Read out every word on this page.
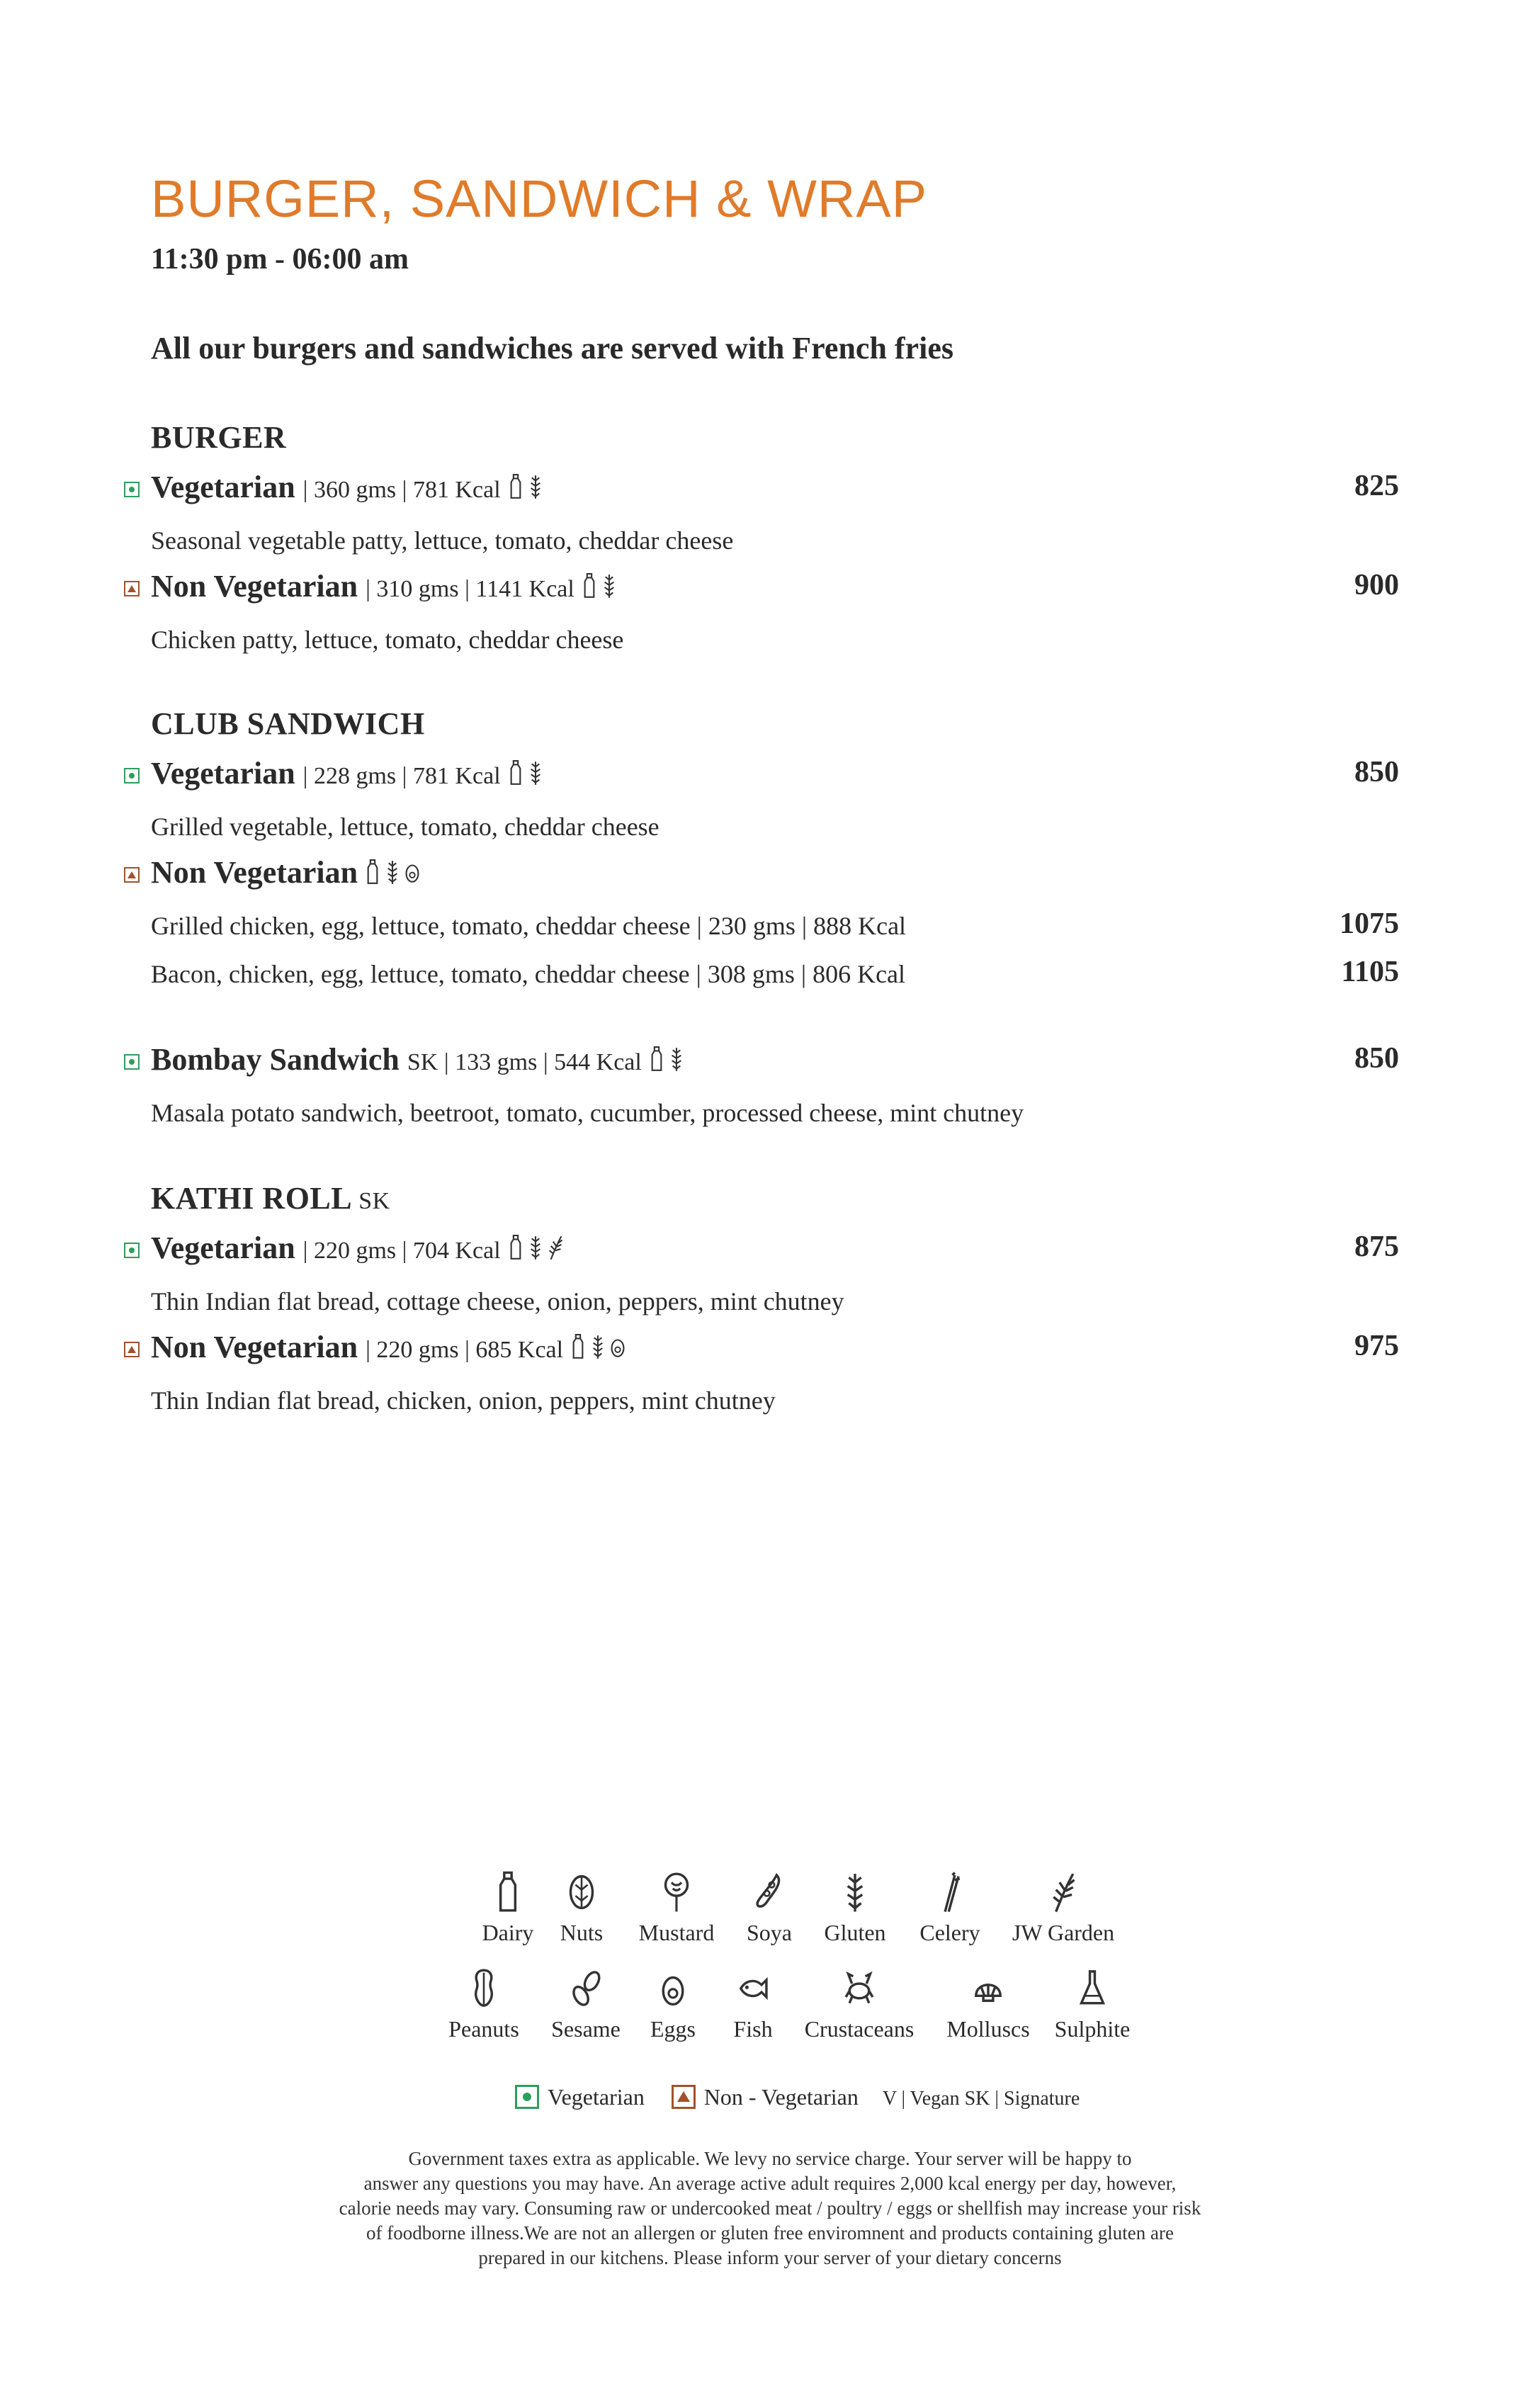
BURGER, SANDWICH & WRAP
11:30 pm - 06:00 am
All our burgers and sandwiches are served with French fries
BURGER
Vegetarian | 360 gms | 781 Kcal	825
Seasonal vegetable patty, lettuce, tomato, cheddar cheese
Non Vegetarian | 310 gms | 1141 Kcal	900
Chicken patty, lettuce, tomato, cheddar cheese
CLUB SANDWICH
Vegetarian | 228 gms | 781 Kcal	850
Grilled vegetable, lettuce, tomato, cheddar cheese
Non Vegetarian
Grilled chicken, egg, lettuce, tomato, cheddar cheese | 230 gms | 888 Kcal	1075
Bacon, chicken, egg, lettuce, tomato, cheddar cheese | 308 gms | 806 Kcal	1105
Bombay Sandwich SK | 133 gms | 544 Kcal	850
Masala potato sandwich, beetroot, tomato, cucumber, processed cheese, mint chutney
KATHI ROLL SK
Vegetarian | 220 gms | 704 Kcal	875
Thin Indian flat bread, cottage cheese, onion, peppers, mint chutney
Non Vegetarian | 220 gms | 685 Kcal	975
Thin Indian flat bread, chicken, onion, peppers, mint chutney
Dairy	Nuts	Mustard	Soya	Gluten	Celery	JW Garden
Peanuts	Sesame	Eggs	Fish	Crustaceans	Molluscs	Sulphite
Vegetarian	Non - Vegetarian V | Vegan SK | Signature
Government taxes extra as applicable. We levy no service charge. Your server will be happy to
answer any questions you may have. An average active adult requires 2,000 kcal energy per day, however,
calorie needs may vary. Consuming raw or undercooked meat / poultry / eggs or shellfish may increase your risk
of foodborne illness.We are not an allergen or gluten free enviromnent and products containing gluten are
prepared in our kitchens. Please inform your server of your dietary concerns
